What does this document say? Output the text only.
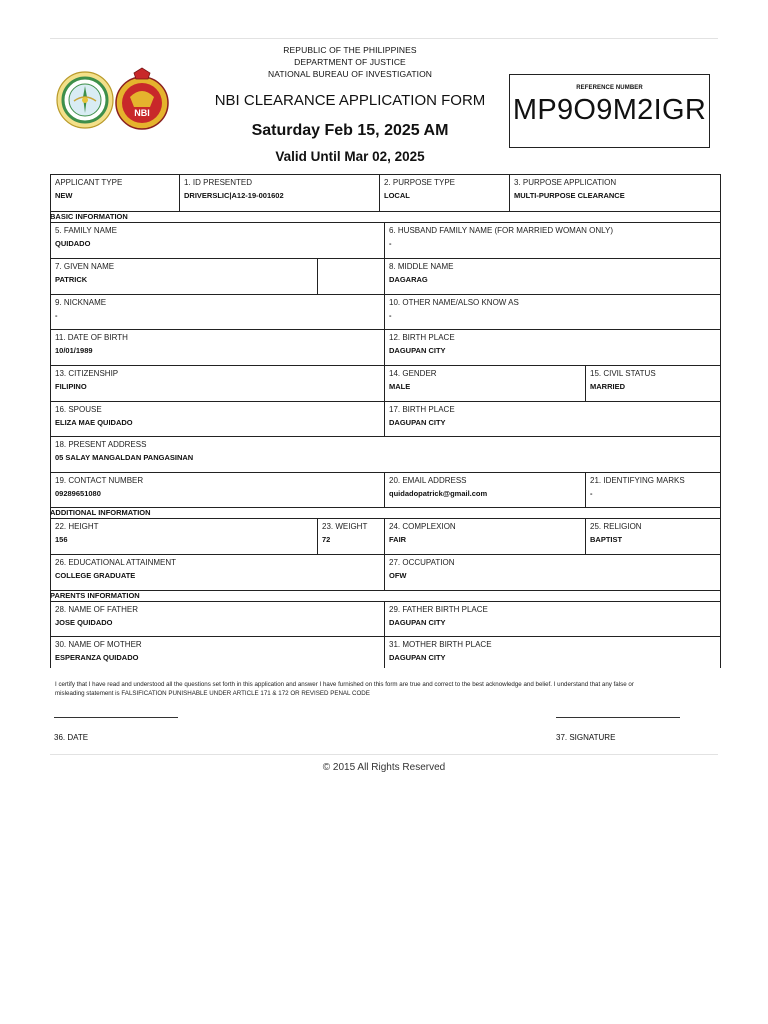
NBI
REPUBLIC OF THE PHILIPPINES
DEPARTMENT OF JUSTICE
NATIONAL BUREAU OF INVESTIGATION
NBI CLEARANCE APPLICATION FORM
Saturday Feb 15, 2025 AM
Valid Until Mar 02, 2025
REFERENCE NUMBER
MP9O9M2IGR
APPLICANT TYPE
NEW
1. ID PRESENTED
DRIVERSLIC|A12-19-001602
2. PURPOSE TYPE
LOCAL
3. PURPOSE APPLICATION
MULTI-PURPOSE CLEARANCE
BASIC INFORMATION
5. FAMILY NAME
QUIDADO
6. HUSBAND FAMILY NAME (FOR MARRIED WOMAN ONLY)
-
7. GIVEN NAME
PATRICK
8. MIDDLE NAME
DAGARAG
9. NICKNAME
-
10. OTHER NAME/ALSO KNOW AS
-
11. DATE OF BIRTH
10/01/1989
12. BIRTH PLACE
DAGUPAN CITY
13. CITIZENSHIP
FILIPINO
14. GENDER
MALE
15. CIVIL STATUS
MARRIED
16. SPOUSE
ELIZA MAE QUIDADO
17. BIRTH PLACE
DAGUPAN CITY
18. PRESENT ADDRESS
05 SALAY MANGALDAN PANGASINAN
19. CONTACT NUMBER
09289651080
20. EMAIL ADDRESS
quidadopatrick@gmail.com
21. IDENTIFYING MARKS
-
ADDITIONAL INFORMATION
22. HEIGHT
156
23. WEIGHT
72
24. COMPLEXION
FAIR
25. RELIGION
BAPTIST
26. EDUCATIONAL ATTAINMENT
COLLEGE GRADUATE
27. OCCUPATION
OFW
PARENTS INFORMATION
28. NAME OF FATHER
JOSE QUIDADO
29. FATHER BIRTH PLACE
DAGUPAN CITY
30. NAME OF MOTHER
ESPERANZA QUIDADO
31. MOTHER BIRTH PLACE
DAGUPAN CITY
I certify that I have read and understood all the questions set forth in this application and answer I have furnished on this form are true and correct to the best acknowledge and belief. I understand that any false or
misleading statement is FALSIFICATION PUNISHABLE UNDER ARTICLE 171 & 172 OR REVISED PENAL CODE
36. DATE	37. SIGNATURE
© 2015 All Rights Reserved
